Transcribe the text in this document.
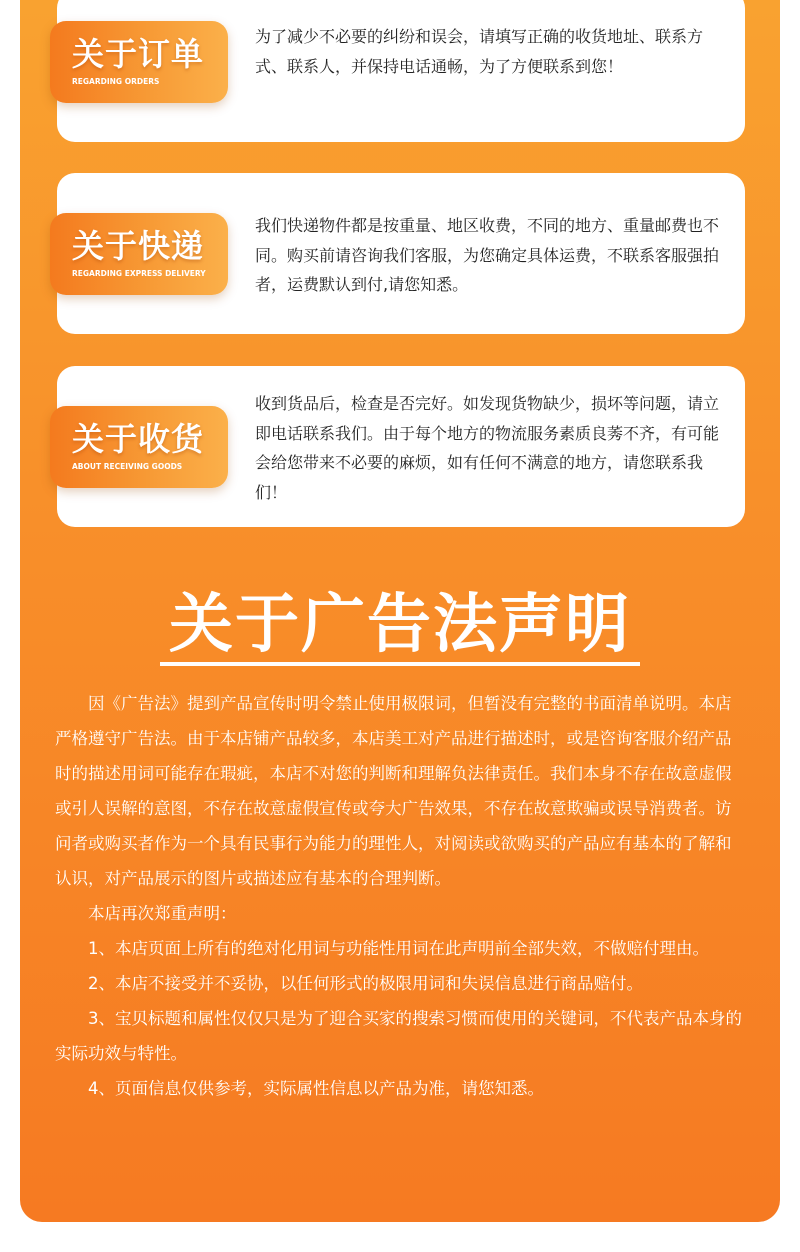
关于订单
REGARDING ORDERS
为了减少不必要的纠纷和误会，请填写正确的收货地址、联系方式、联系人，并保持电话通畅，为了方便联系到您！
关于快递
REGARDING EXPRESS DELIVERY
我们快递物件都是按重量、地区收费，不同的地方、重量邮费也不同。购买前请咨询我们客服，为您确定具体运费，不联系客服强拍者，运费默认到付,请您知悉。
关于收货
ABOUT RECEIVING GOODS
收到货品后，检查是否完好。如发现货物缺少，损坏等问题，请立即电话联系我们。由于每个地方的物流服务素质良莠不齐，有可能会给您带来不必要的麻烦，如有任何不满意的地方，请您联系我们！
关于广告法声明

因《广告法》提到产品宣传时明令禁止使用极限词，但暂没有完整的书面清单说明。本店严格遵守广告法。由于本店铺产品较多，本店美工对产品进行描述时，或是咨询客服介绍产品时的描述用词可能存在瑕疵，本店不对您的判断和理解负法律责任。我们本身不存在故意虚假或引人误解的意图，不存在故意虚假宣传或夸大广告效果，不存在故意欺骗或误导消费者。访问者或购买者作为一个具有民事行为能力的理性人，对阅读或欲购买的产品应有基本的了解和认识，对产品展示的图片或描述应有基本的合理判断。

本店再次郑重声明：

1、本店页面上所有的绝对化用词与功能性用词在此声明前全部失效，不做赔付理由。

2、本店不接受并不妥协，以任何形式的极限用词和失误信息进行商品赔付。

3、宝贝标题和属性仅仅只是为了迎合买家的搜索习惯而使用的关键词，不代表产品本身的实际功效与特性。

4、页面信息仅供参考，实际属性信息以产品为准，请您知悉。
